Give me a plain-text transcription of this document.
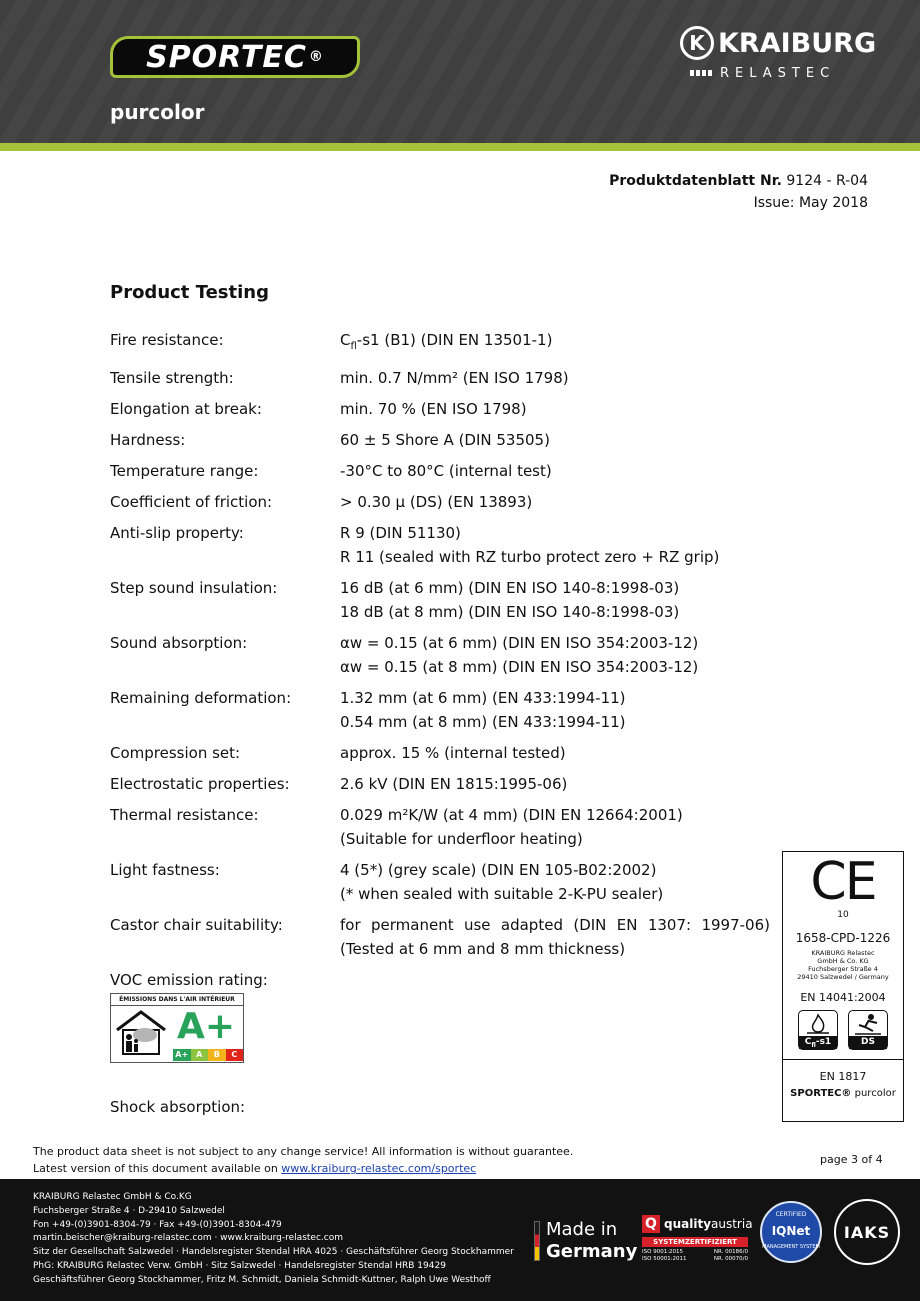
SPORTEC ®
purcolor
K KRAIBURG
RELASTEC
Produktdatenblatt Nr. 9124 - R-04
Issue: May 2018
Product Testing
Fire resistance:	$C_{fl}-s1$ (B1) (DIN EN 13501-1)
Tensile strength:	min. 0.7 N/mm² (EN ISO 1798)
Elongation at break:	min. 70 % (EN ISO 1798)
Hardness:	60 ± 5 Shore A (DIN 53505)
Temperature range:	-30°C to 80°C (internal test)
Coefficient of friction:	> 0.30 µ (DS) (EN 13893)
Anti-slip property:	R 9 (DIN 51130)
R 11 (sealed with RZ turbo protect zero + RZ grip)
Step sound insulation:	16 dB (at 6 mm) (DIN EN ISO 140-8:1998-03)
18 dB (at 8 mm) (DIN EN ISO 140-8:1998-03)
Sound absorption:	αw = 0.15 (at 6 mm) (DIN EN ISO 354:2003-12)
αw = 0.15 (at 8 mm) (DIN EN ISO 354:2003-12)
Remaining deformation:	1.32 mm (at 6 mm) (EN 433:1994-11)
0.54 mm (at 8 mm) (EN 433:1994-11)
Compression set:	approx. 15 % (internal tested)
Electrostatic properties:	2.6 kV (DIN EN 1815:1995-06)
Thermal resistance:	0.029 m²K/W (at 4 mm) (DIN EN 12664:2001)
(Suitable for underfloor heating)
Light fastness:	4 (5*) (grey scale) (DIN EN 105-B02:2002)
(* when sealed with suitable 2-K-PU sealer)
Castor chair suitability:	for permanent use adapted (DIN EN 1307: 1997-06)
(Tested at 6 mm and 8 mm thickness)
VOC emission rating:
ÉMISSIONS DANS L'AIR INTÉRIEUR
A+
A+ A	B	C
Shock absorption:
CE
10
1658-CPD-1226
KRAIBURG Relastec
GmbH & Co. KG
Fuchsberger Straße 4
29410 Salzwedel / Germany
EN 14041:2004
$C_{fl}-s1$	DS
EN 1817
SPORTEC® purcolor
The product data sheet is not subject to any change service! All information is without guarantee.
Latest version of this document available on www.kraiburg-relastec.com/sportec
page 3 of 4
KRAIBURG Relastec GmbH & Co.KG
Fuchsberger Straße 4 · D-29410 Salzwedel
Fon +49-(0)3901-8304-79 · Fax +49-(0)3901-8304-479
martin.beischer@kraiburg-relastec.com · www.kraiburg-relastec.com
Sitz der Gesellschaft Salzwedel · Handelsregister Stendal HRA 4025 · Geschäftsführer Georg Stockhammer
PhG: KRAIBURG Relastec Verw. GmbH · Sitz Salzwedel · Handelsregister Stendal HRB 19429
Geschäftsführer Georg Stockhammer, Fritz M. Schmidt, Daniela Schmidt-Kuttner, Ralph Uwe Westhoff
Made in
Germany
Q qualityaustria
SYSTEMZERTIFIZIERT
ISO 9001:2015
ISO 50001:2011
NR. 00186/0
NR. 00070/0
CERTIFIED
IQNet
MANAGEMENT SYSTEM
IAKS
